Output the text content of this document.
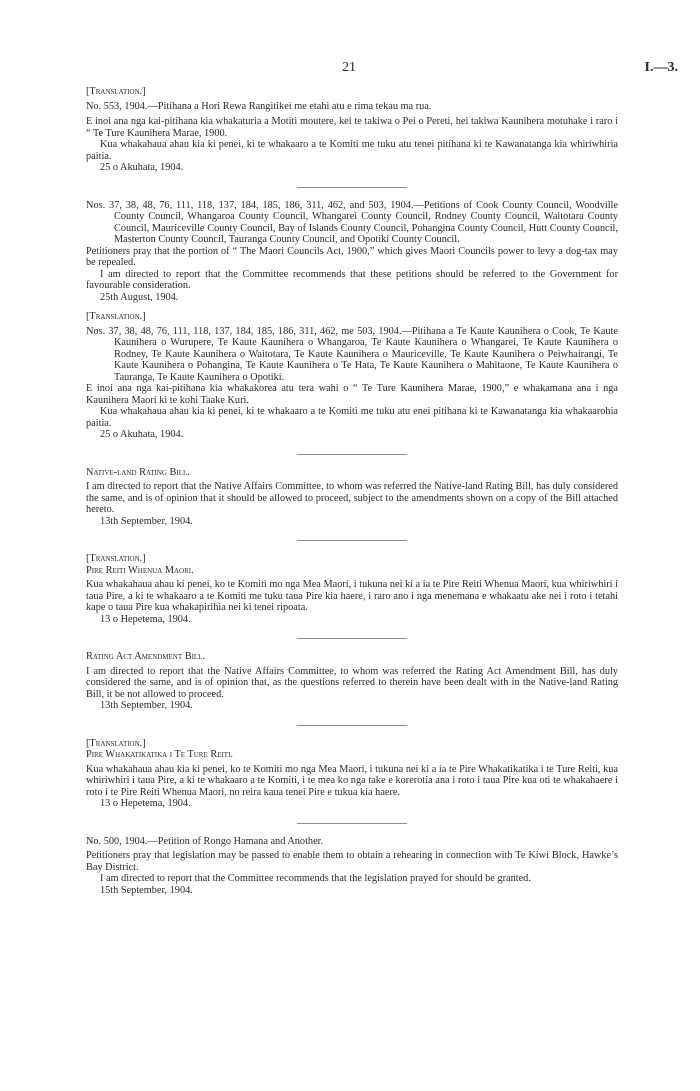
21	I.—3.

[Translation.]

No. 553, 1904.—Pitihana a Hori Rewa Rangitikei me etahi atu e rima tekau ma rua.

E inoi ana nga kai-pitihana kia whakaturia a Motiti moutere, kei te takiwa o Pei o Pereti, hei takiwa Kaunihera motuhake i raro i “ Te Ture Kaunihera Marae, 1900.

Kua whakahaua ahau kia ki penei, ki te whakaaro a te Komiti me tuku atu tenei pitihana ki te Kawanatanga kia whiriwhiria paitia.

25 o Akuhata, 1904.

Nos. 37, 38, 48, 76, 111, 118, 137, 184, 185, 186, 311, 462, and 503, 1904.—Petitions of Cook County Council, Woodville County Council, Whangaroa County Council, Whangarei County Council, Rodney County Council, Waitotara County Council, Mauriceville County Council, Bay of Islands County Council, Pohangina County Council, Hutt County Council, Masterton County Council, Tauranga County Council, and Opotiki County Council.

Petitioners pray that the portion of “ The Maori Councils Act, 1900,” which gives Maori Councils power to levy a dog-tax may be repealed.

I am directed to report that the Committee recommends that these petitions should be referred to the Government for favourable consideration.

25th August, 1904.

[Translation.]

Nos. 37, 38, 48, 76, 111, 118, 137, 184, 185, 186, 311, 462, me 503, 1904.—Pitihana a Te Kaute Kaunihera o Cook, Te Kaute Kaunihera o Wurupere, Te Kaute Kaunihera o Whangaroa, Te Kaute Kaunihera o Whangarei, Te Kaute Kaunihera o Rodney, Te Kaute Kaunihera o Waitotara, Te Kaute Kaunihera o Mauriceville, Te Kaute Kaunihera o Peiwhairangi, Te Kaute Kaunihera o Pohangina, Te Kaute Kaunihera o Te Hata, Te Kaute Kaunihera o Mahitaone, Te Kaute Kaunihera o Tauranga, Te Kaute Kaunihera o Opotiki.

E inoi ana nga kai-pitihana kia whakakorea atu tera wahi o “ Te Ture Kaunihera Marae, 1900,” e whakamana ana i nga Kaunihera Maori ki te kohi Taake Kuri.

Kua whakahaua ahau kia ki penei, ki te whakaaro a te Komiti me tuku atu enei pitihana ki te Kawanatanga kia whakaarohia paitia.

25 o Akuhata, 1904.

Native-land Rating Bill.

I am directed to report that the Native Affairs Committee, to whom was referred the Native-land Rating Bill, has duly considered the same, and is of opinion that it should be allowed to proceed, subject to the amendments shown on a copy of the Bill attached hereto.

13th September, 1904.

[Translation.]

Pire Reiti Whenua Maori.

Kua whakahaua ahau ki penei, ko te Komiti mo nga Mea Maori, i tukuna nei ki a ia te Pire Reiti Whenua Maori, kua whiriwhiri i taua Pire, a ki te whakaaro a te Komiti me tuku taua Pire kia haere, i raro ano i nga menemana e whakaatu ake nei i roto i tetahi kape o taua Pire kua whakapirihia nei ki tenei ripoata.

13 o Hepetema, 1904.

Rating Act Amendment Bill.

I am directed to report that the Native Affairs Committee, to whom was referred the Rating Act Amendment Bill, has duly considered the same, and is of opinion that, as the questions referred to therein have been dealt with in the Native-land Rating Bill, it be not allowed to proceed.

13th September, 1904.

[Translation.]

Pire Whakatikatika i Te Ture Reiti.

Kua whakahaua ahau kia ki penei, ko te Komiti mo nga Mea Maori, i tukuna nei ki a ia te Pire Whakatikatika i te Ture Reiti, kua whiriwhiri i taua Pire, a ki te whakaaro a te Komiti, i te mea ko nga take e korerotia ana i roto i taua Pire kua oti te whakahaere i roto i te Pire Reiti Whenua Maori, no reira kaua tenei Pire e tukua kia haere.

13 o Hepetema, 1904.

No. 500, 1904.—Petition of Rongo Hamana and Another.

Petitioners pray that legislation may be passed to enable them to obtain a rehearing in connection with Te Kiwi Block, Hawke’s Bay District.

I am directed to report that the Committee recommends that the legislation prayed for should be granted.

15th September, 1904.
